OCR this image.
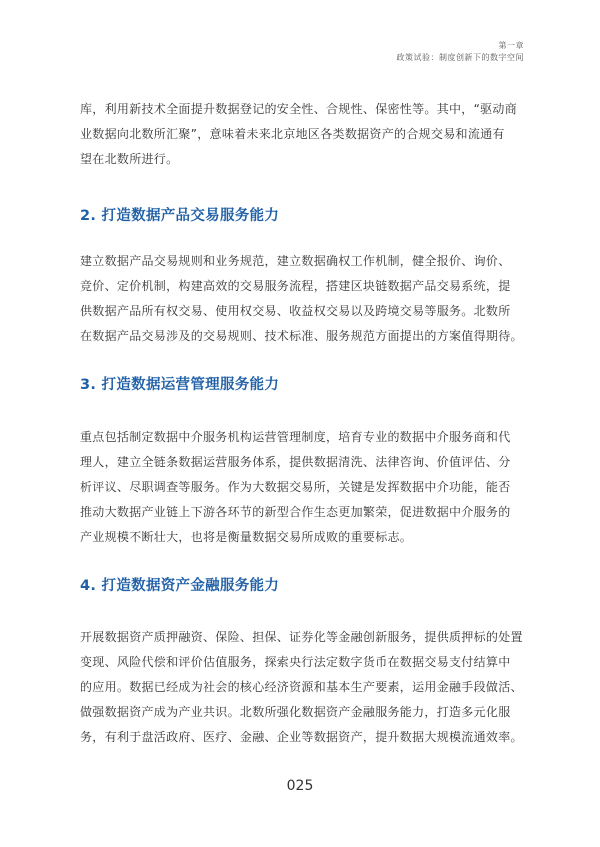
第一章
政策试验：制度创新下的数字空间

库，利用新技术全面提升数据登记的安全性、合规性、保密性等。其中，“驱动商
业数据向北数所汇聚”，意味着未来北京地区各类数据资产的合规交易和流通有
望在北数所进行。

2. 打造数据产品交易服务能力

建立数据产品交易规则和业务规范，建立数据确权工作机制，健全报价、询价、
竞价、定价机制，构建高效的交易服务流程，搭建区块链数据产品交易系统，提
供数据产品所有权交易、使用权交易、收益权交易以及跨境交易等服务。北数所
在数据产品交易涉及的交易规则、技术标准、服务规范方面提出的方案值得期待。

3. 打造数据运营管理服务能力

重点包括制定数据中介服务机构运营管理制度，培育专业的数据中介服务商和代
理人，建立全链条数据运营服务体系，提供数据清洗、法律咨询、价值评估、分
析评议、尽职调查等服务。作为大数据交易所，关键是发挥数据中介功能，能否
推动大数据产业链上下游各环节的新型合作生态更加繁荣，促进数据中介服务的
产业规模不断壮大，也将是衡量数据交易所成败的重要标志。

4. 打造数据资产金融服务能力

开展数据资产质押融资、保险、担保、证券化等金融创新服务，提供质押标的处置
变现、风险代偿和评价估值服务，探索央行法定数字货币在数据交易支付结算中
的应用。数据已经成为社会的核心经济资源和基本生产要素，运用金融手段做活、
做强数据资产成为产业共识。北数所强化数据资产金融服务能力，打造多元化服
务，有利于盘活政府、医疗、金融、企业等数据资产，提升数据大规模流通效率。

025
